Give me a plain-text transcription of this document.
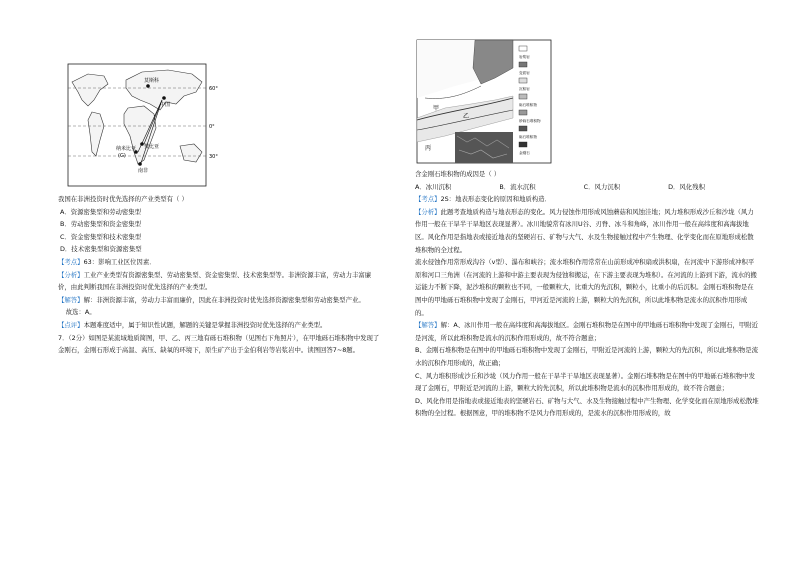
60°
0°
30°
莫斯科
中国
赞比亚
纳米比亚
(G)
南非

我国在非洲投资时优先选择的产业类型有（ ）

A．资源密集型和劳动密集型

B．劳动密集型和资金密集型

C．资金密集型和技术密集型

D．技术密集型和资源密集型

【考点】63：影响工业区位因素．

【分析】工业产业类型有资源密集型、劳动密集型、资金密集型、技术密集型等。非洲资源丰富，劳动力丰富廉价，由此判断我国在非洲投资时优先选择的产业类型。

【解答】解：非洲资源丰富，劳动力丰富而廉价，因此在非洲投资时优先选择资源密集型和劳动密集型产业。

故选：A。

【点评】本题难度适中，属于知识性试题，解题的关键是掌握非洲投资时优先选择的产业类型。

7．（2分）如图是某流域地质简图，甲、乙、丙三地有砾石堆积物（见图右下角照片），在甲地砾石堆积物中发现了金刚石，金刚石形成于高温、高压、缺氧的环境下，原生矿产出于金伯利岩等岩浆岩中。读图回答7~8题。

甲
乙
丙
岩浆岩
变质岩
沉积岩
砾石堆积物
砂砾石堆积物
砾石堆积物
金刚石

含金刚石堆积物的成因是（ ）

A．冰川沉积	B．流水沉积	C．风力沉积	D．风化残积

【考点】2S：地表形态变化的原因和地质构造．

【分析】此题考查地质构造与地表形态的变化。风力侵蚀作用形成风蚀蘑菇和风蚀洼地；风力堆积形成沙丘和沙垅（风力作用一般在干旱半干旱地区表现显著）。冰川地貌常有冰川U谷、刃脊、冰斗和角峰，冰川作用一般在高纬度和高海拔地区。风化作用是指地表或接近地表的坚硬岩石、矿物与大气、水及生物接触过程中产生物理、化学变化而在原地形成松散堆积物的全过程。

流水侵蚀作用常形成沟谷（v型）、瀑布和峡谷；流水堆积作用常常在山前形成冲积扇或洪积扇，在河流中下游形成冲积平原和河口三角洲（在河流的上游和中游主要表现为侵蚀和搬运，在下游主要表现为堆积）。在河流的上游到下游，流水的搬运能力不断下降，泥沙堆积的颗粒也不同，一般颗粒大，比重大的先沉积，颗粒小，比重小的后沉积。金刚石堆积物是在图中的甲地砾石堆积物中发现了金刚石，甲河近是河流的上游，颗粒大的先沉积，所以此堆积物是流水的沉积作用形成的。

【解答】解：A、冰川作用一般在高纬度和高海拔地区。金刚石堆积物是在图中的甲地砾石堆积物中发现了金刚石，甲附近是河流，所以此堆积物是流水的沉积作用形成的，故不符合题意；

B、金刚石堆积物是在图中的甲地砾石堆积物中发现了金刚石，甲附近是河流的上游，颗粒大的先沉积，所以此堆积物是流水的沉积作用形成的，故正确；

C、风力堆积形成沙丘和沙垅（风力作用一般在干旱半干旱地区表现显著）。金刚石堆积物是在图中的甲地砾石堆积物中发现了金刚石，甲附近是河流的上游，颗粒大的先沉积，所以此堆积物是流水的沉积作用形成的，故不符合题意；

D、风化作用是指地表或接近地表的坚硬岩石、矿物与大气、水及生物接触过程中产生物理、化学变化而在原地形成松散堆积物的全过程。根据图意，甲的堆积物不是风力作用形成的，是流水的沉积作用形成的，故
